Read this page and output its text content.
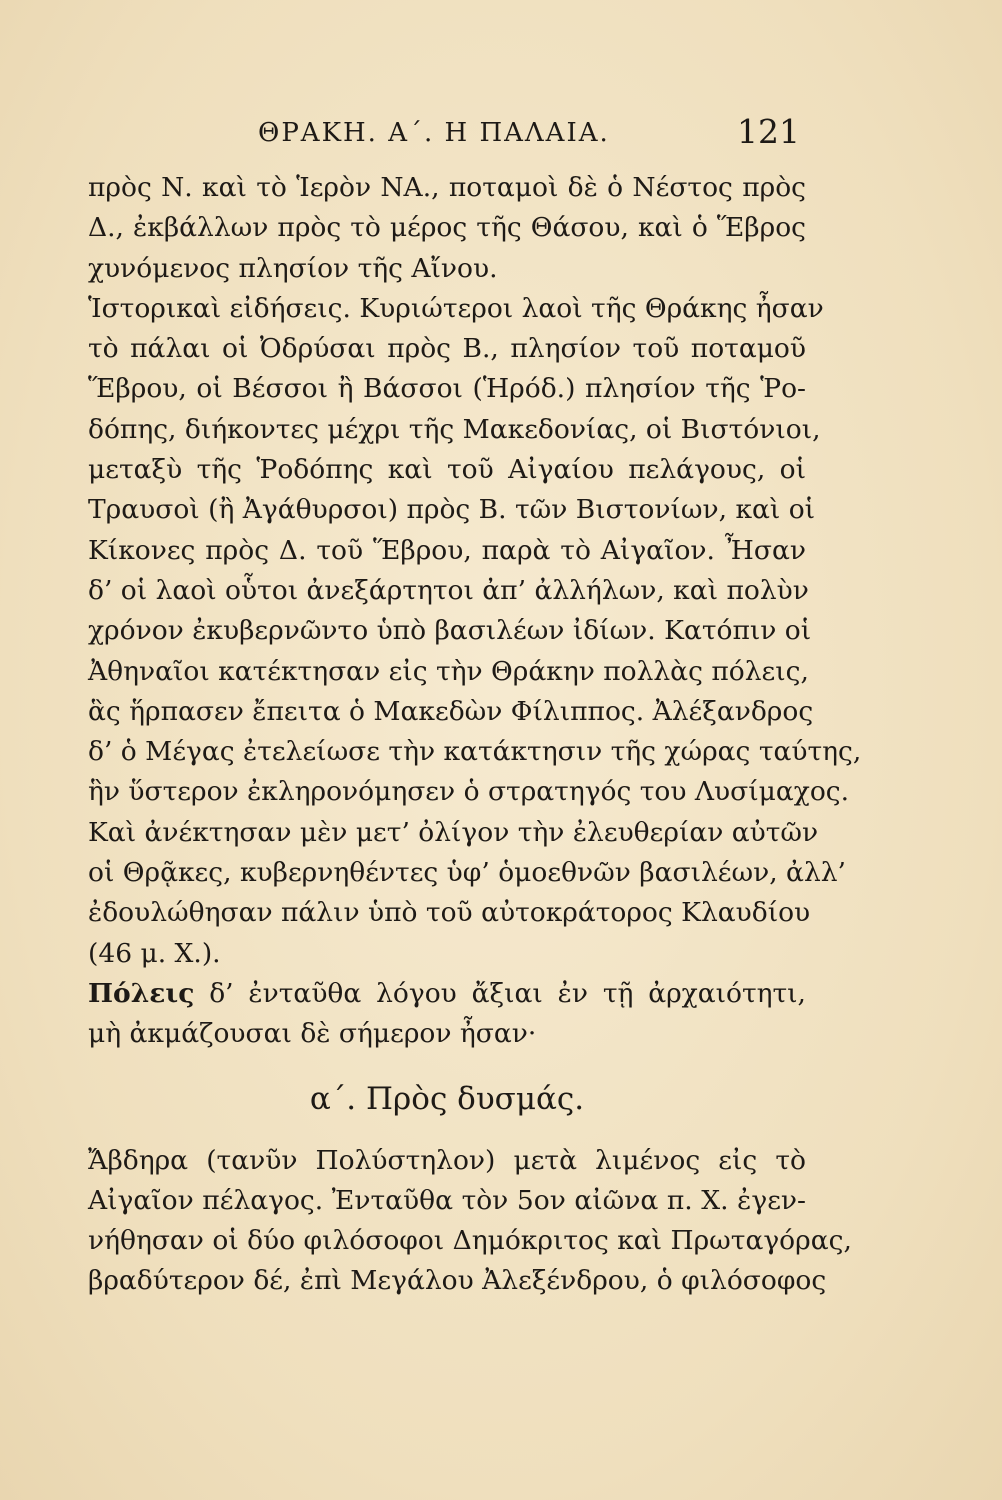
ΘΡΑΚΗ. Α΄. Η ΠΑΛΑΙΑ.	121

πρὸς Ν. καὶ τὸ Ἱερὸν ΝΑ., ποταμοὶ δὲ ὁ Νέστος πρὸς
Δ., ἐκβάλλων πρὸς τὸ μέρος τῆς Θάσου, καὶ ὁ Ἕβρος
χυνόμενος πλησίον τῆς Αἴνου.

Ἱστορικαὶ εἰδήσεις. Κυριώτεροι λαοὶ τῆς Θράκης ἦσαν
τὸ πάλαι οἱ Ὀδρύσαι πρὸς Β., πλησίον τοῦ ποταμοῦ
Ἕβρου, οἱ Βέσσοι ἢ Βάσσοι (Ἡρόδ.) πλησίον τῆς Ῥο-
δόπης, διήκοντες μέχρι τῆς Μακεδονίας, οἱ Βιστόνιοι,
μεταξὺ τῆς Ῥοδόπης καὶ τοῦ Αἰγαίου πελάγους, οἱ
Τραυσοὶ (ἢ Ἀγάθυρσοι) πρὸς Β. τῶν Βιστονίων, καὶ οἱ
Κίκονες πρὸς Δ. τοῦ Ἕβρου, παρὰ τὸ Αἰγαῖον. Ἦσαν
δ’ οἱ λαοὶ οὗτοι ἀνεξάρτητοι ἀπ’ ἀλλήλων, καὶ πολὺν
χρόνον ἐκυβερνῶντο ὑπὸ βασιλέων ἰδίων. Κατόπιν οἱ
Ἀθηναῖοι κατέκτησαν εἰς τὴν Θράκην πολλὰς πόλεις,
ἃς ἥρπασεν ἔπειτα ὁ Μακεδὼν Φίλιππος. Ἀλέξανδρος
δ’ ὁ Μέγας ἐτελείωσε τὴν κατάκτησιν τῆς χώρας ταύτης,
ἣν ὕστερον ἐκληρονόμησεν ὁ στρατηγός του Λυσίμαχος.
Καὶ ἀνέκτησαν μὲν μετ’ ὀλίγον τὴν ἐλευθερίαν αὐτῶν
οἱ Θρᾷκες, κυβερνηθέντες ὑφ’ ὁμοεθνῶν βασιλέων, ἀλλ’
ἐδουλώθησαν πάλιν ὑπὸ τοῦ αὐτοκράτορος Κλαυδίου
(46 μ. Χ.).

Πόλεις δ’ ἐνταῦθα λόγου ἄξιαι ἐν τῇ ἀρχαιότητι,
μὴ ἀκμάζουσαι δὲ σήμερον ἦσαν·

α΄. Πρὸς δυσμάς.

Ἄβδηρα (τανῦν Πολύστηλον) μετὰ λιμένος εἰς τὸ
Αἰγαῖον πέλαγος. Ἐνταῦθα τὸν 5ον αἰῶνα π. Χ. ἐγεν-
νήθησαν οἱ δύο φιλόσοφοι Δημόκριτος καὶ Πρωταγόρας,
βραδύτερον δέ, ἐπὶ Μεγάλου Ἀλεξένδρου, ὁ φιλόσοφος
